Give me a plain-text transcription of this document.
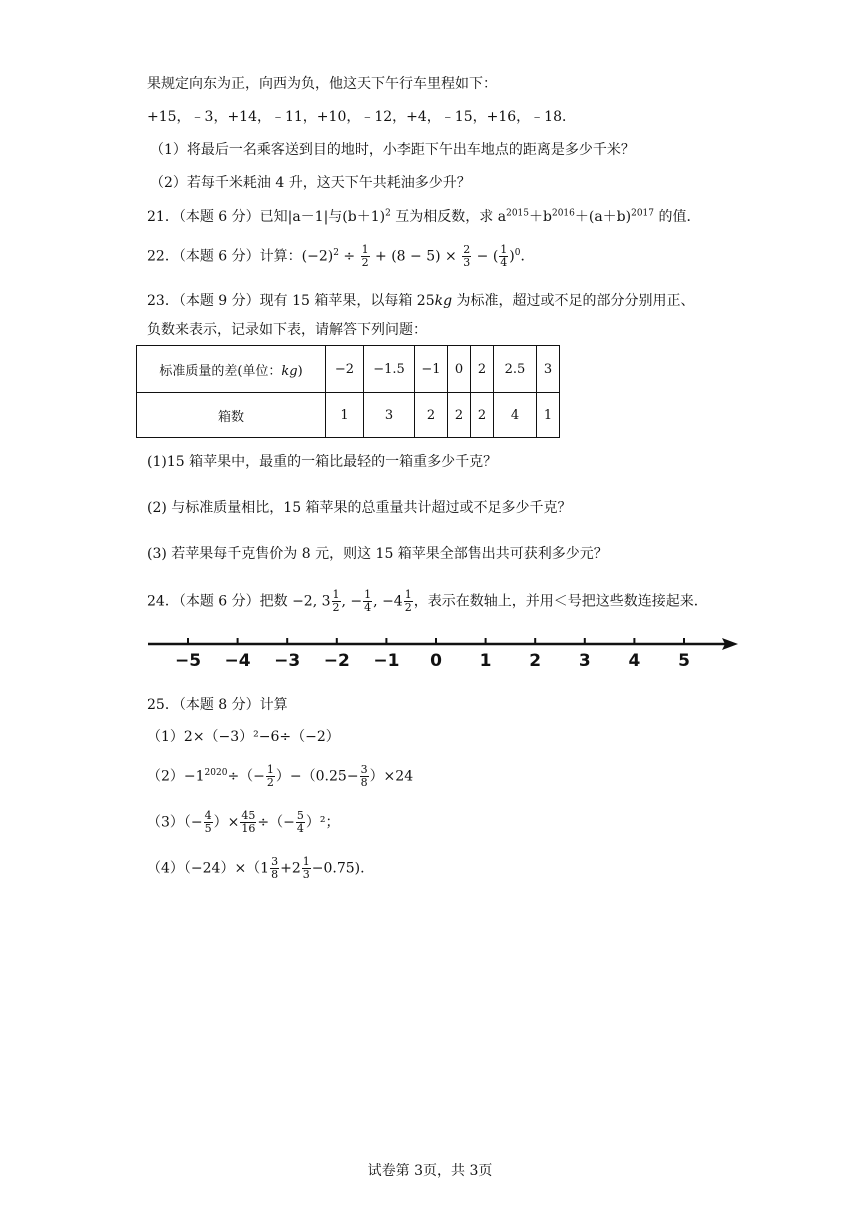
果规定向东为正，向西为负，他这天下午行车里程如下：
+15，﹣3，+14，﹣11，+10，﹣12，+4，﹣15，+16，﹣18．
（1）将最后一名乘客送到目的地时，小李距下午出车地点的距离是多少千米？
（2）若每千米耗油 4 升，这天下午共耗油多少升？
21．（本题 6 分）已知|a－1|与$(b+1)^2$ 互为相反数，求 $a^{2015}+b^{2016}+(a+b)^{2017}$ 的值．
22．（本题 6 分）计算：$(-2)^2 \div \frac{1}{2} + (8 - 5) \times \frac{2}{3}$ − ( $\frac{1}{4} )^0$．
23．（本题 9 分）现有 15 箱苹果，以每箱 25kg 为标准，超过或不足的部分分别用正、
负数来表示，记录如下表，请解答下列问题：
标准质量的差(单位：kg)	−2	−1.5	−1	0	2	2.5	3
箱数	1	3	2	2	2	4	1
(1)15 箱苹果中，最重的一箱比最轻的一箱重多少千克？
(2) 与标准质量相比，15 箱苹果的总重量共计超过或不足多少千克？
(3) 若苹果每千克售价为 8 元，则这 15 箱苹果全部售出共可获利多少元？
24．（本题 6 分）把数 −2, $3 \frac{1}{2}$ , − $\frac{1}{4}$ , $-4 \frac{1}{2}$ ，表示在数轴上，并用＜号把这些数连接起来．
−5 −4 −3 −2 −1 0 1 2 3 4 5
25．（本题 8 分）计算
（1）2×（−3）²−6÷（−2）
$(2)-1^{2020}\div(- \frac{1}{2} )-(0.25- \frac{3}{8} )\times 24$
$(3)(- \frac{4}{5}$ ）× $\frac{45}{16}$ ÷（− $\frac{5}{4} )^2$；
$(4)(-24)\times(1 \frac{3}{8} +2 \frac{1}{3} -0.75)$.
试卷第 3页，共 3页
